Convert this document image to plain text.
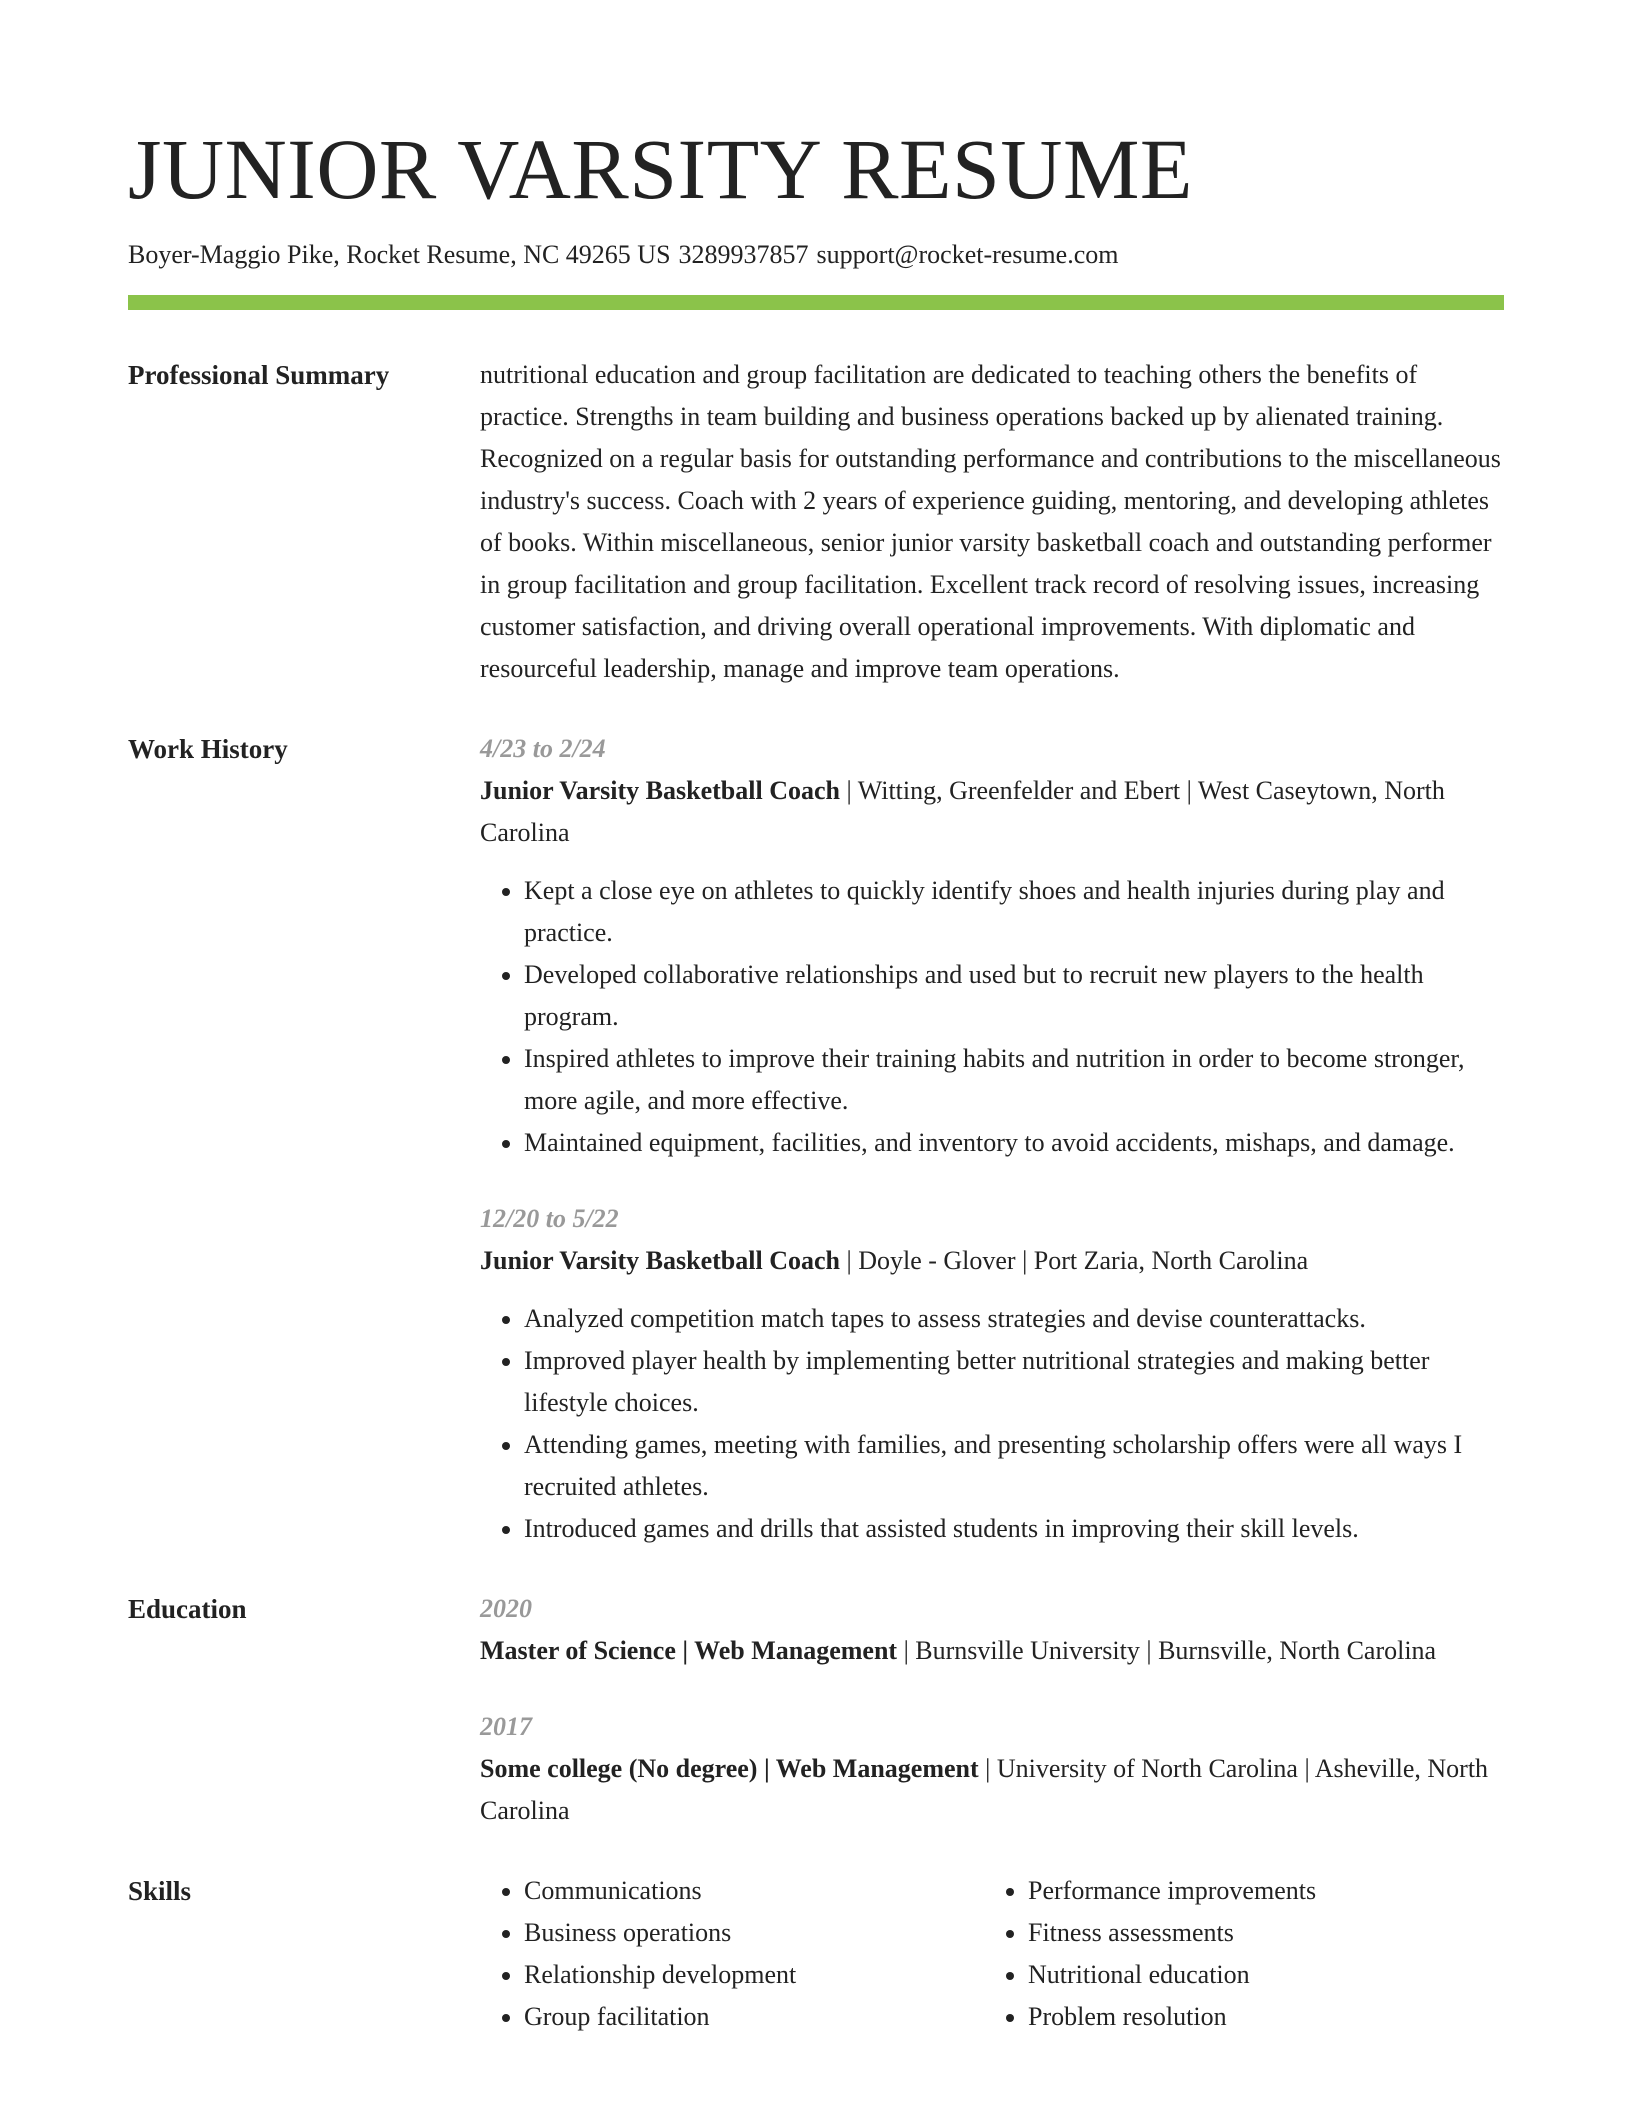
JUNIOR VARSITY RESUME
Boyer-Maggio Pike, Rocket Resume, NC 49265 US 3289937857 support@rocket-resume.com
Professional Summary	nutritional education and group facilitation are dedicated to teaching others the benefits of practice. Strengths in team building and business operations backed up by alienated training. Recognized on a regular basis for outstanding performance and contributions to the miscellaneous industry's success. Coach with 2 years of experience guiding, mentoring, and developing athletes of books. Within miscellaneous, senior junior varsity basketball coach and outstanding performer in group facilitation and group facilitation. Excellent track record of resolving issues, increasing customer satisfaction, and driving overall operational improvements. With diplomatic and resourceful leadership, manage and improve team operations.

Work History	4/23 to 2/24
Junior Varsity Basketball Coach | Witting, Greenfelder and Ebert | West Caseytown, North Carolina
• Kept a close eye on athletes to quickly identify shoes and health injuries during play and practice.
• Developed collaborative relationships and used but to recruit new players to the health program.
• Inspired athletes to improve their training habits and nutrition in order to become stronger, more agile, and more effective.
• Maintained equipment, facilities, and inventory to avoid accidents, mishaps, and damage.
12/20 to 5/22
Junior Varsity Basketball Coach | Doyle - Glover | Port Zaria, North Carolina
• Analyzed competition match tapes to assess strategies and devise counterattacks.
• Improved player health by implementing better nutritional strategies and making better lifestyle choices.
• Attending games, meeting with families, and presenting scholarship offers were all ways I recruited athletes.
• Introduced games and drills that assisted students in improving their skill levels.
Education	2020
Master of Science | Web Management | Burnsville University | Burnsville, North Carolina
2017
Some college (No degree) | Web Management | University of North Carolina | Asheville, North Carolina
Skills
•	Communications
• Business operations
• Relationship development
• Group facilitation
• Performance improvements
• Fitness assessments
• Nutritional education
• Problem resolution
